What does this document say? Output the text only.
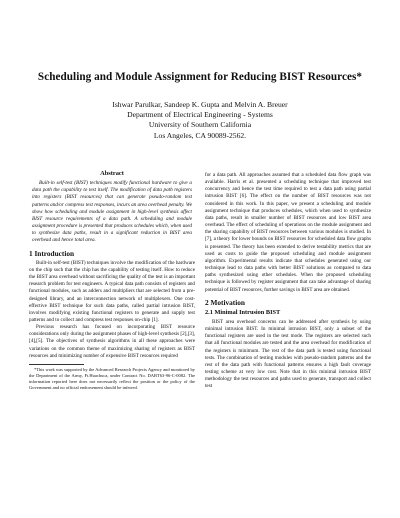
Scheduling and Module Assignment for Reducing BIST Resources*
Ishwar Parulkar, Sandeep K. Gupta and Melvin A. Breuer
Department of Electrical Engineering - Systems
University of Southern California
Los Angeles, CA 90089-2562.
Abstract

Built-in self-test (BIST) techniques modify functional hardware to give a data path the capability to test itself. The modification of data path registers into registers (BIST resources) that can generate pseudo-random test patterns and/or compress test responses, incurs an area overhead penalty. We show how scheduling and module assignment in high-level synthesis affect BIST resource requirements of a data path. A scheduling and module assignment procedure is presented that produces schedules which, when used to synthesize data paths, result in a significant reduction in BIST area overhead and hence total area.

1 Introduction

Built-in self-test (BIST) techniques involve the modification of the hardware on the chip such that the chip has the capability of testing itself. How to reduce the BIST area overhead without sacrificing the quality of the test is an important research problem for test engineers. A typical data path consists of registers and functional modules, such as adders and multipliers that are selected from a pre-designed library, and an interconnection network of multiplexers. One cost-effective BIST technique for such data paths, called partial intrusion BIST, involves modifying existing functional registers to generate and supply test patterns and to collect and compress test responses on-chip [1].

Previous research has focused on incorporating BIST resource considerations only during the assignment phases of high-level synthesis [2],[3],[4],[5]. The objectives of synthesis algorithms in all these approaches were variations on the common theme of maximizing sharing of registers as BIST resources and minimizing number of expensive BIST resources required

*This work was supported by the Advanced Research Projects Agency and monitored by the Department of the Army, Ft.Huachuca, under Contract No. DABT63-96-C-0082. The information reported here does not necessarily reflect the position or the policy of the Government and no official endorsement should be inferred.

for a data path. All approaches assumed that a scheduled data flow graph was available. Harris et al. presented a scheduling technique that improved test concurrency and hence the test time required to test a data path using partial intrusion BIST [6]. The effect on the number of BIST resources was not considered in this work. In this paper, we present a scheduling and module assignment technique that produces schedules, which when used to synthesize data paths, result in smaller number of BIST resources and low BIST area overhead. The effect of scheduling of operations on the module assignment and the sharing capability of BIST resources between various modules is studied. In [7], a theory for lower bounds on BIST resources for scheduled data flow graphs is presented. The theory has been extended to derive testability metrics that are used as costs to guide the proposed scheduling and module assignment algorithm. Experimental results indicate that schedules generated using our technique lead to data paths with better BIST solutions as compared to data paths synthesized using other schedules. When the proposed scheduling technique is followed by register assignment that can take advantage of sharing potential of BIST resources, further savings in BIST area are obtained.

2 Motivation
2.1 Minimal Intrusion BIST

BIST area overhead concerns can be addressed after synthesis by using minimal intrusion BIST. In minimal intrusion BIST, only a subset of the functional registers are used in the test mode. The registers are selected such that all functional modules are tested and the area overhead for modification of the registers is minimum. The rest of the data path is tested using functional tests. The combination of testing modules with pseudo-random patterns and the rest of the data path with functional patterns ensures a high fault coverage testing scheme at very low cost. Note that in this minimal intrusion BIST methodology the test resources and paths used to generate, transport and collect test
